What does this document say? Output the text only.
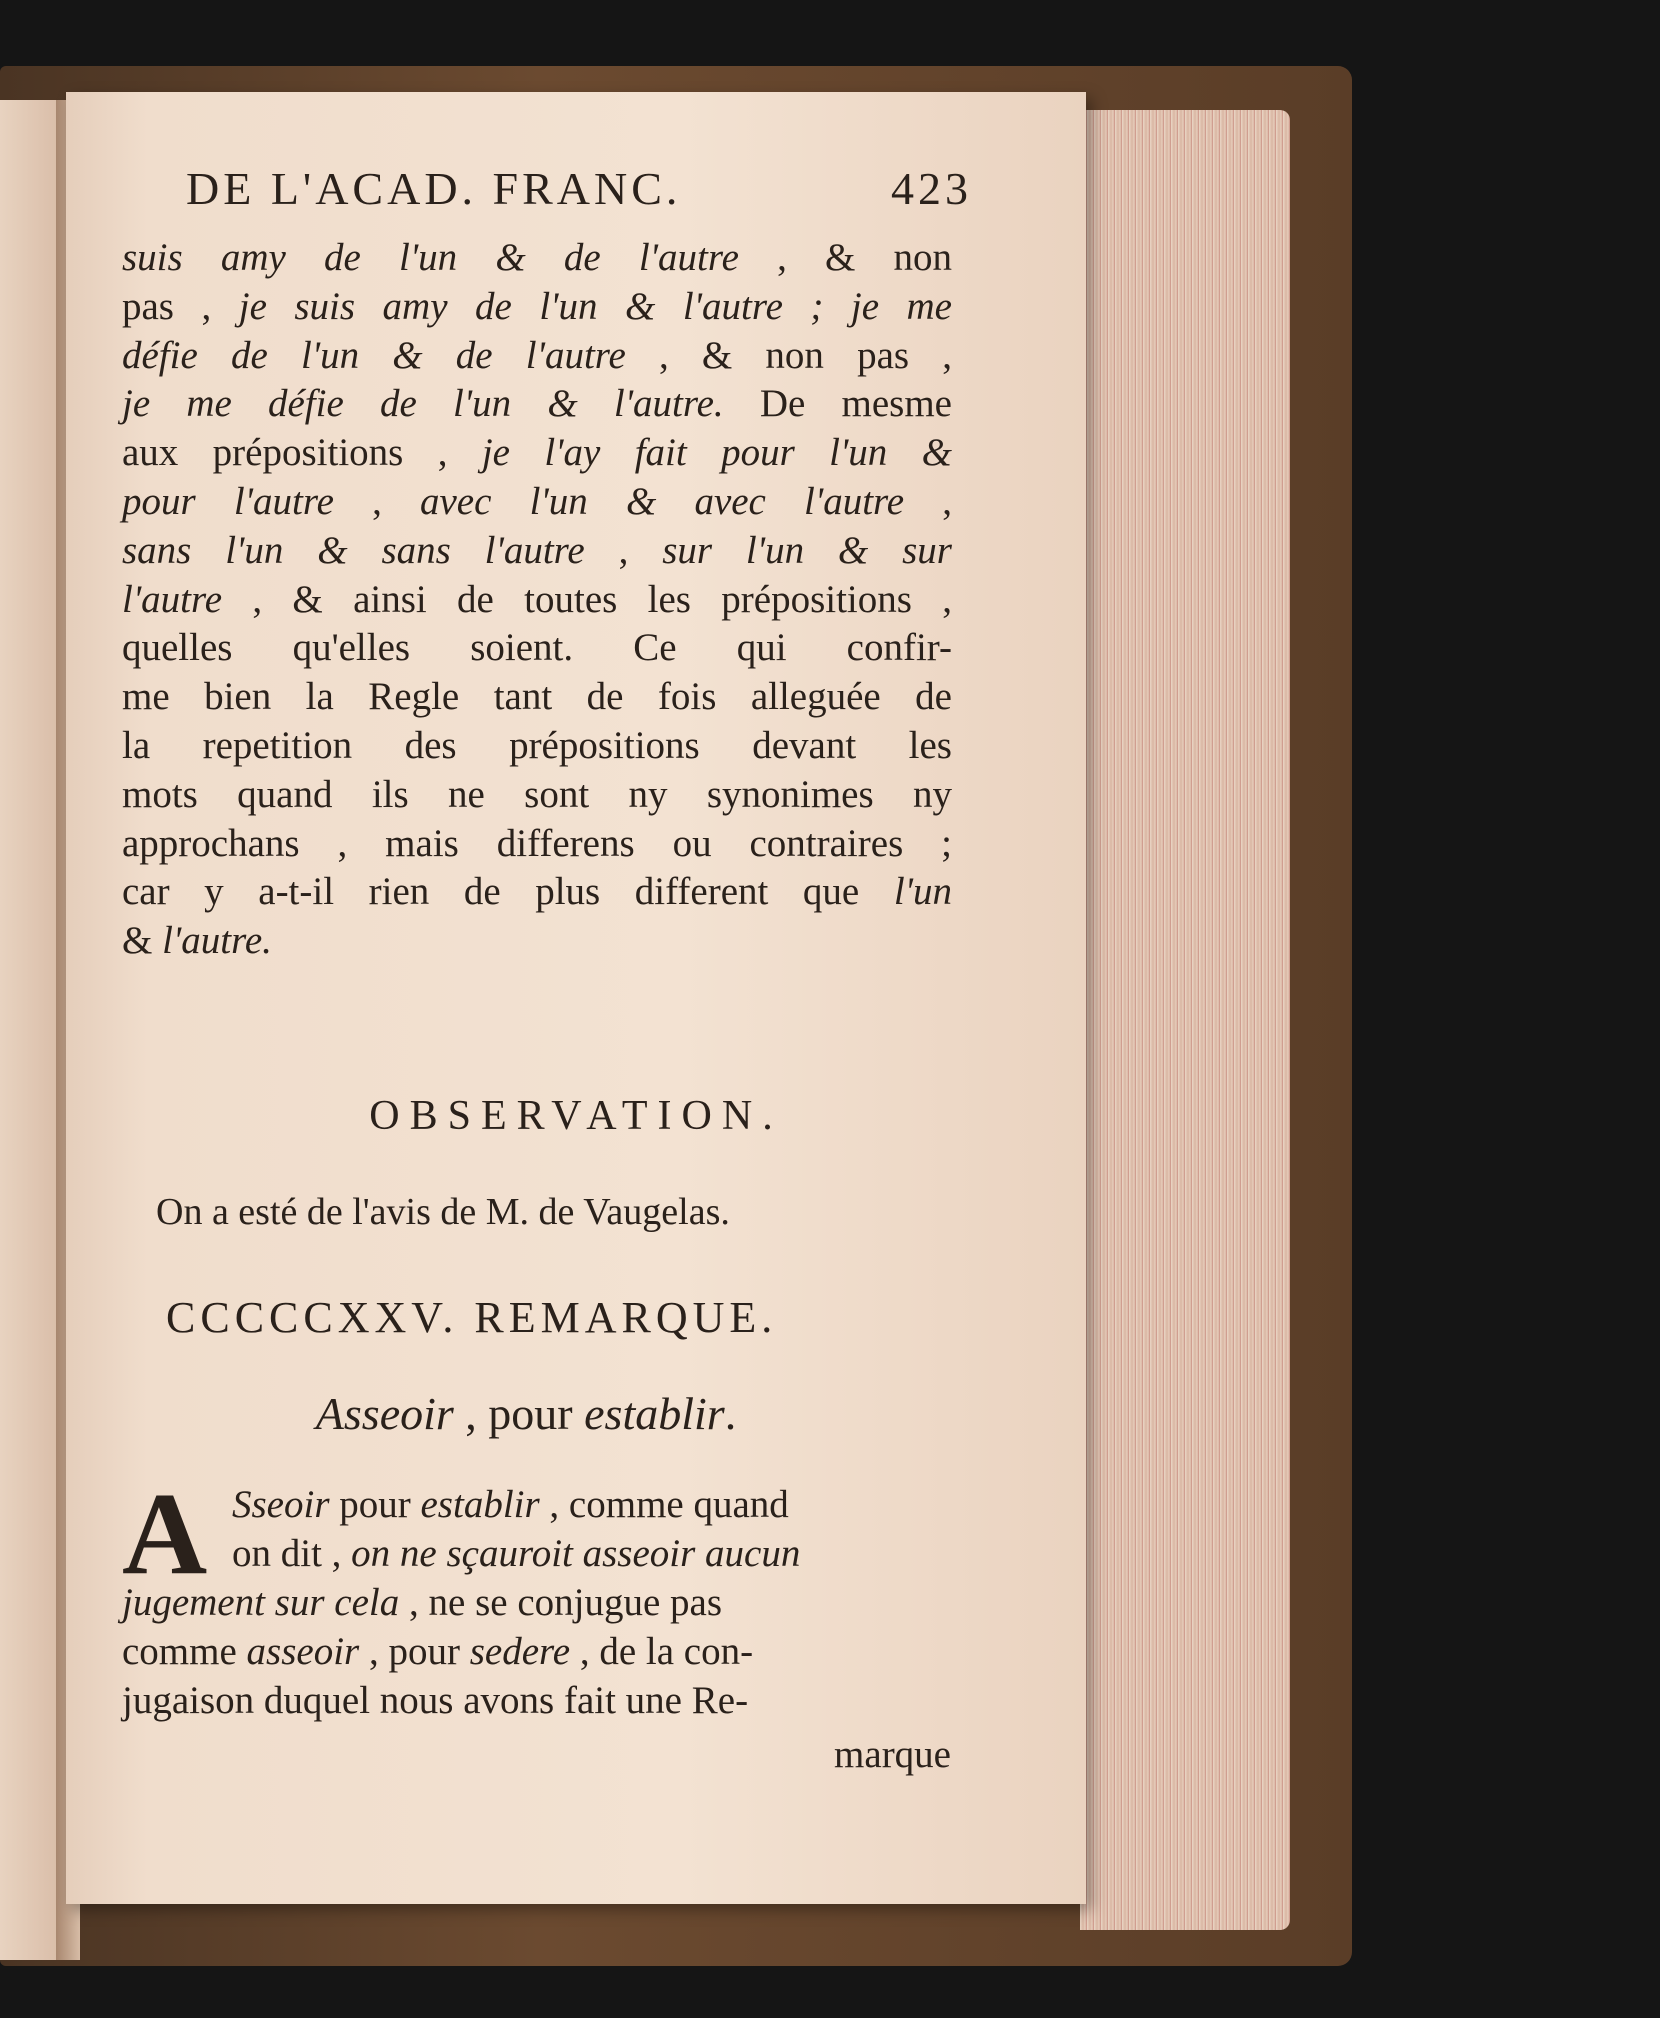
DE L'ACAD. FRANC.	423
suis amy de l'un & de l'autre , & non
pas , je suis amy de l'un & l'autre ; je me
défie de l'un & de l'autre , & non pas ,
je me défie de l'un & l'autre. De mesme
aux prépositions , je l'ay fait pour l'un &
pour l'autre , avec l'un & avec l'autre ,
sans l'un & sans l'autre , sur l'un & sur
l'autre , & ainsi de toutes les prépositions ,
quelles qu'elles soient. Ce qui confir-
me bien la Regle tant de fois alleguée de
la repetition des prépositions devant les
mots quand ils ne sont ny synonimes ny
approchans , mais differens ou contraires ;
car y a-t-il rien de plus different que l'un
& l'autre.
OBSERVATION.
On a esté de l'avis de M. de Vaugelas.
CCCCCXXV. REMARQUE.
Asseoir , pour establir.
A Sseoir pour establir , comme quand
on dit , on ne sçauroit asseoir aucun
jugement sur cela , ne se conjugue pas
comme asseoir , pour sedere , de la con-
jugaison duquel nous avons fait une Re-
marque
